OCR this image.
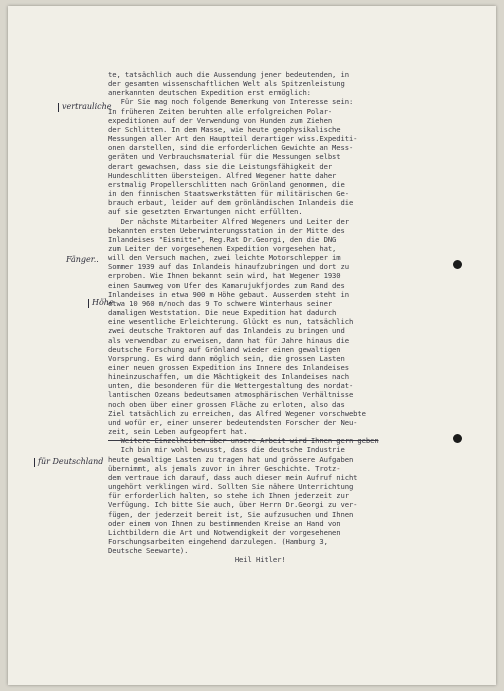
te, tatsächlich auch die Aussendung jener bedeutenden, in
der gesamten wissenschaftlichen Welt als Spitzenleistung
anerkannten deutschen Expedition erst ermöglich:
Für Sie mag noch folgende Bemerkung von Interesse sein:
In früheren Zeiten beruhten alle erfolgreichen Polar-
expeditionen auf der Verwendung von Hunden zum Ziehen
der Schlitten. In dem Masse, wie heute geophysikalische
Messungen aller Art den Hauptteil derartiger wiss.Expediti-
onen darstellen, sind die erforderlichen Gewichte an Mess-
geräten und Verbrauchsmaterial für die Messungen selbst
derart gewachsen, dass sie die Leistungsfähigkeit der
Hundeschlitten übersteigen. Alfred Wegener hatte daher
erstmalig Propellerschlitten nach Grönland genommen, die
in den finnischen Staatswerkstätten für militärischen Ge-
brauch erbaut, leider auf dem grönländischen Inlandeis die
auf sie gesetzten Erwartungen nicht erfüllten.
Der nächste Mitarbeiter Alfred Wegeners und Leiter der
bekannten ersten Ueberwinterungsstation in der Mitte des
Inlandeises "Eismitte", Reg.Rat Dr.Georgi, den die DNG
zum Leiter der vorgesehenen Expedition vorgesehen hat,
will den Versuch machen, zwei leichte Motorschlepper im
Sommer 1939 auf das Inlandeis hinaufzubringen und dort zu
erproben. Wie Ihnen bekannt sein wird, hat Wegener 1930
einen Saumweg vom Ufer des Kamarujukfjordes zum Rand des
Inlandeises in etwa 900 m Höhe gebaut. Ausserdem steht in
etwa 10 960 m/noch das 9 To schwere Winterhaus seiner
damaligen Weststation. Die neue Expedition hat dadurch
eine wesentliche Erleichterung. Glückt es nun, tatsächlich
zwei deutsche Traktoren auf das Inlandeis zu bringen und
als verwendbar zu erweisen, dann hat für Jahre hinaus die
deutsche Forschung auf Grönland wieder einen gewaltigen
Vorsprung. Es wird dann möglich sein, die grossen Lasten
einer neuen grossen Expedition ins Innere des Inlandeises
hineinzuschaffen, um die Mächtigkeit des Inlandeises nach
unten, die besonderen für die Wettergestaltung des nordat-
lantischen Ozeans bedeutsamen atmosphärischen Verhältnisse
noch oben über einer grossen Fläche zu erloten, also das
Ziel tatsächlich zu erreichen, das Alfred Wegener vorschwebte
und wofür er, einer unserer bedeutendsten Forscher der Neu-
zeit, sein Leben aufgeopfert hat.
Weitere Einzelheiten über unsere Arbeit wird Ihnen gern geben
Ich bin mir wohl bewusst, dass die deutsche Industrie
heute gewaltige Lasten zu tragen hat und grössere Aufgaben
übernimmt, als jemals zuvor in ihrer Geschichte. Trotz-
dem vertraue ich darauf, dass auch dieser mein Aufruf nicht
ungehört verklingen wird. Sollten Sie nähere Unterrichtung
für erforderlich halten, so stehe ich Ihnen jederzeit zur
Verfügung. Ich bitte Sie auch, über Herrn Dr.Georgi zu ver-
fügen, der jederzeit bereit ist, Sie aufzusuchen und Ihnen
oder einem von Ihnen zu bestimmenden Kreise an Hand von
Lichtbildern die Art und Notwendigkeit der vorgesehenen
Forschungsarbeiten eingehend darzulegen. (Hamburg 3,
Deutsche Seewarte).
Heil Hitler!
vertrauliche
Fänger..
Höhe
für Deutschland
